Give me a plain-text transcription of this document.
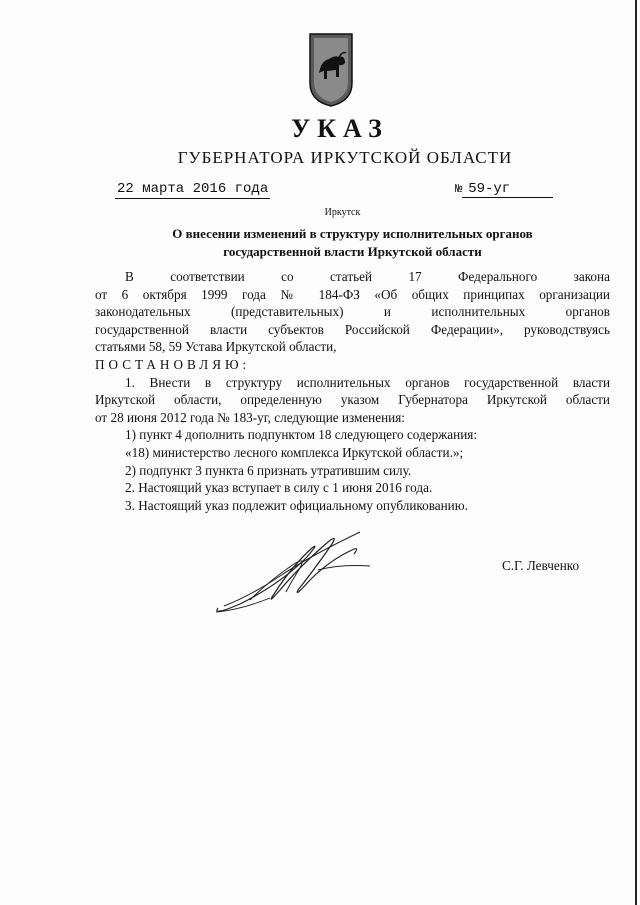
УКАЗ
ГУБЕРНАТОРА ИРКУТСКОЙ ОБЛАСТИ
22 марта 2016 года	№ 59-уг
Иркутск
О внесении изменений в структуру исполнительных органов
государственной власти Иркутской области
В	соответствии	со	статьей	17	Федерального	закона

от 6 октября 1999 года № 184-ФЗ «Об общих принципах организации

законодательных (представительных) и исполнительных органов

государственной власти субъектов Российской Федерации», руководствуясь

статьями 58, 59 Устава Иркутской области,

ПОСТАНОВЛЯЮ:

1. Внести в структуру исполнительных органов государственной власти

Иркутской области, определенную указом Губернатора Иркутской области

от 28 июня 2012 года № 183-уг, следующие изменения:

1) пункт 4 дополнить подпунктом 18 следующего содержания:

«18) министерство лесного комплекса Иркутской области.»;

2) подпункт 3 пункта 6 признать утратившим силу.

2. Настоящий указ вступает в силу с 1 июня 2016 года.

3. Настоящий указ подлежит официальному опубликованию.

С.Г. Левченко
